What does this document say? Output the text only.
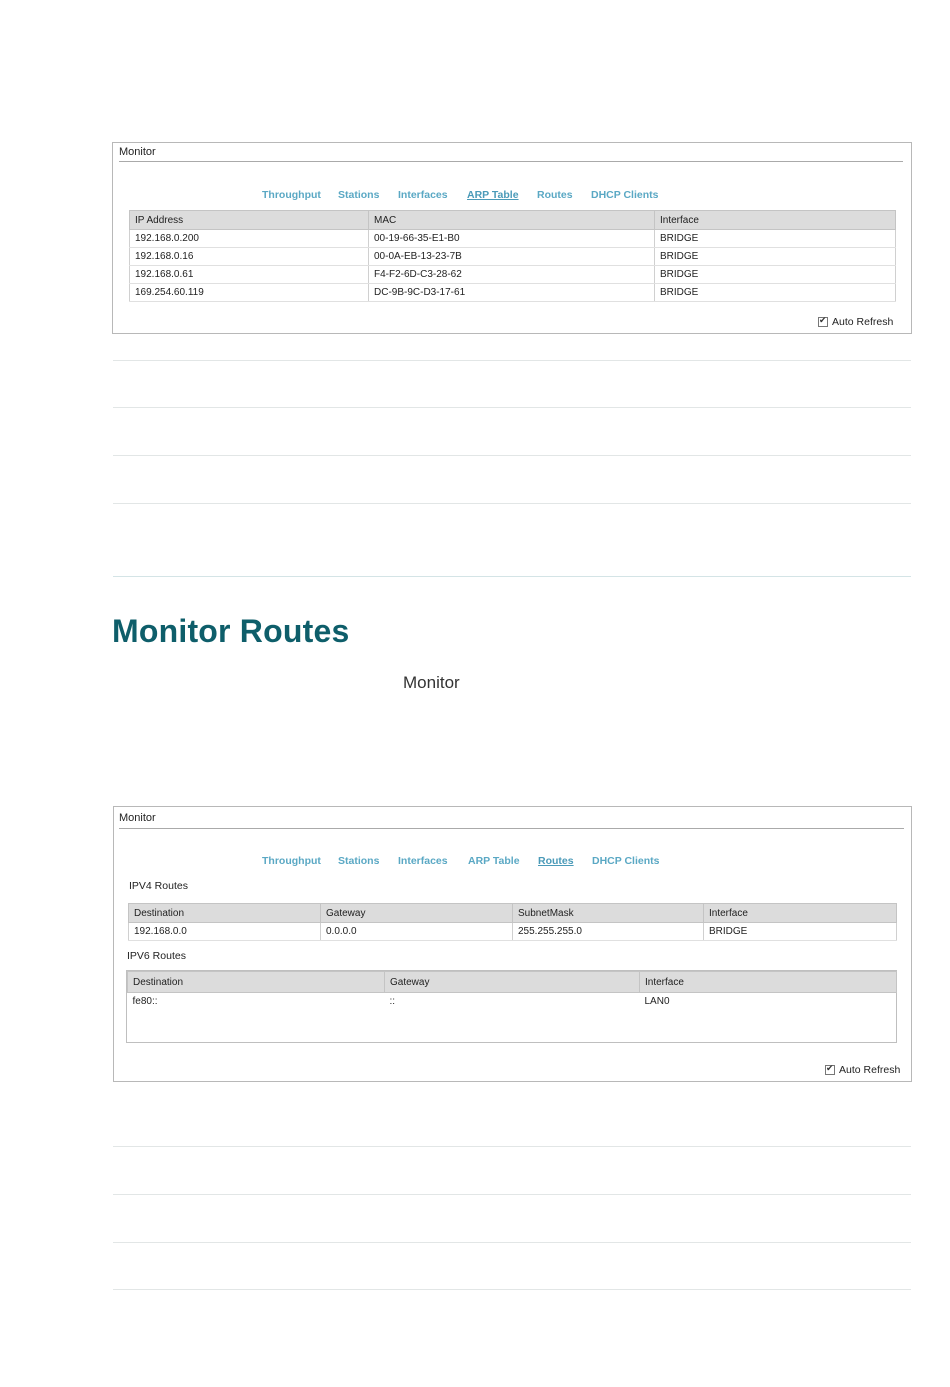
Monitor
Throughput Stations Interfaces ARP Table Routes DHCP Clients
IP Address	MAC	Interface
192.168.0.200	00-19-66-35-E1-B0	BRIDGE
192.168.0.16	00-0A-EB-13-23-7B	BRIDGE
192.168.0.61	F4-F2-6D-C3-28-62	BRIDGE
169.254.60.119	DC-9B-9C-D3-17-61	BRIDGE
✔
Auto Refresh
Monitor Routes
Monitor
Monitor
Throughput Stations Interfaces ARP Table Routes DHCP Clients
IPV4 Routes
Destination	Gateway	SubnetMask	Interface
192.168.0.0	0.0.0.0	255.255.255.0	BRIDGE
IPV6 Routes
Destination	Gateway	Interface
fe80::	::	LAN0
✔
Auto Refresh
